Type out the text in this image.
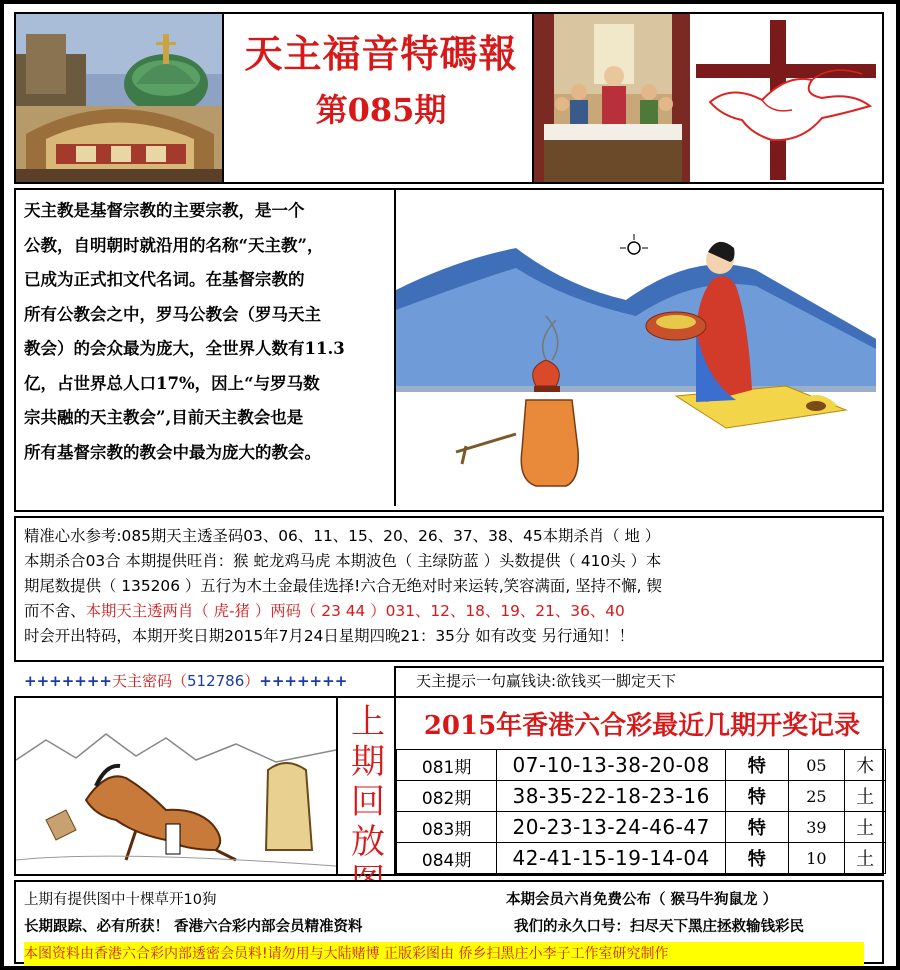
天主福音特碼報
第085期

天主教是基督宗教的主要宗教，是一个

公教，自明朝时就沿用的名称“天主教”，

已成为正式扣文代名词。在基督宗教的

所有公教会之中，罗马公教会（罗马天主

教会）的会众最为庞大，全世界人数有11.3

亿，占世界总人口17%，因上“与罗马数

宗共融的天主教会”,目前天主教会也是

所有基督宗教的教会中最为庞大的教会。

精准心水参考:085期天主透圣码03、06、11、15、20、26、37、38、45本期杀肖（ 地 ）

本期杀合03合 本期提供旺肖：猴 蛇龙鸡马虎 本期波色（ 主绿防蓝 ）头数提供（ 410头 ）本

期尾数提供（ 135206 ）五行为木土金最佳选择!六合无绝对时来运转,笑容满面, 坚持不懈, 锲

而不舍、本期天主透两肖（ 虎-猪 ）两码（ 23 44 ）031、12、18、19、21、36、40

时会开出特码，本期开奖日期2015年7月24日星期四晚21：35分 如有改变 另行通知！！

+++++++天主密码（512786）+++++++	天主提示一句赢钱诀:欲钱买一脚定天下
上
期
回
放
2015年香港六合彩最近几期开奖记录
081期	07-10-13-38-20-08	特	05	木
082期	38-35-22-18-23-16	特	25	土
083期	20-23-13-24-46-47	特	39	土
084期	42-41-15-19-14-04	特	10	土
上期有提供图中十棵草开10狗	本期会员六肖免费公布（ 猴马牛狗鼠龙 ）
长期跟踪、必有所获！ 香港六合彩内部会员精准资料	我们的永久口号：扫尽天下黑庄拯救输钱彩民
本图资料由香港六合彩内部透密会员料!请勿用与大陆赌博 正版彩图由 侨乡扫黑庄小李子工作室研究制作
